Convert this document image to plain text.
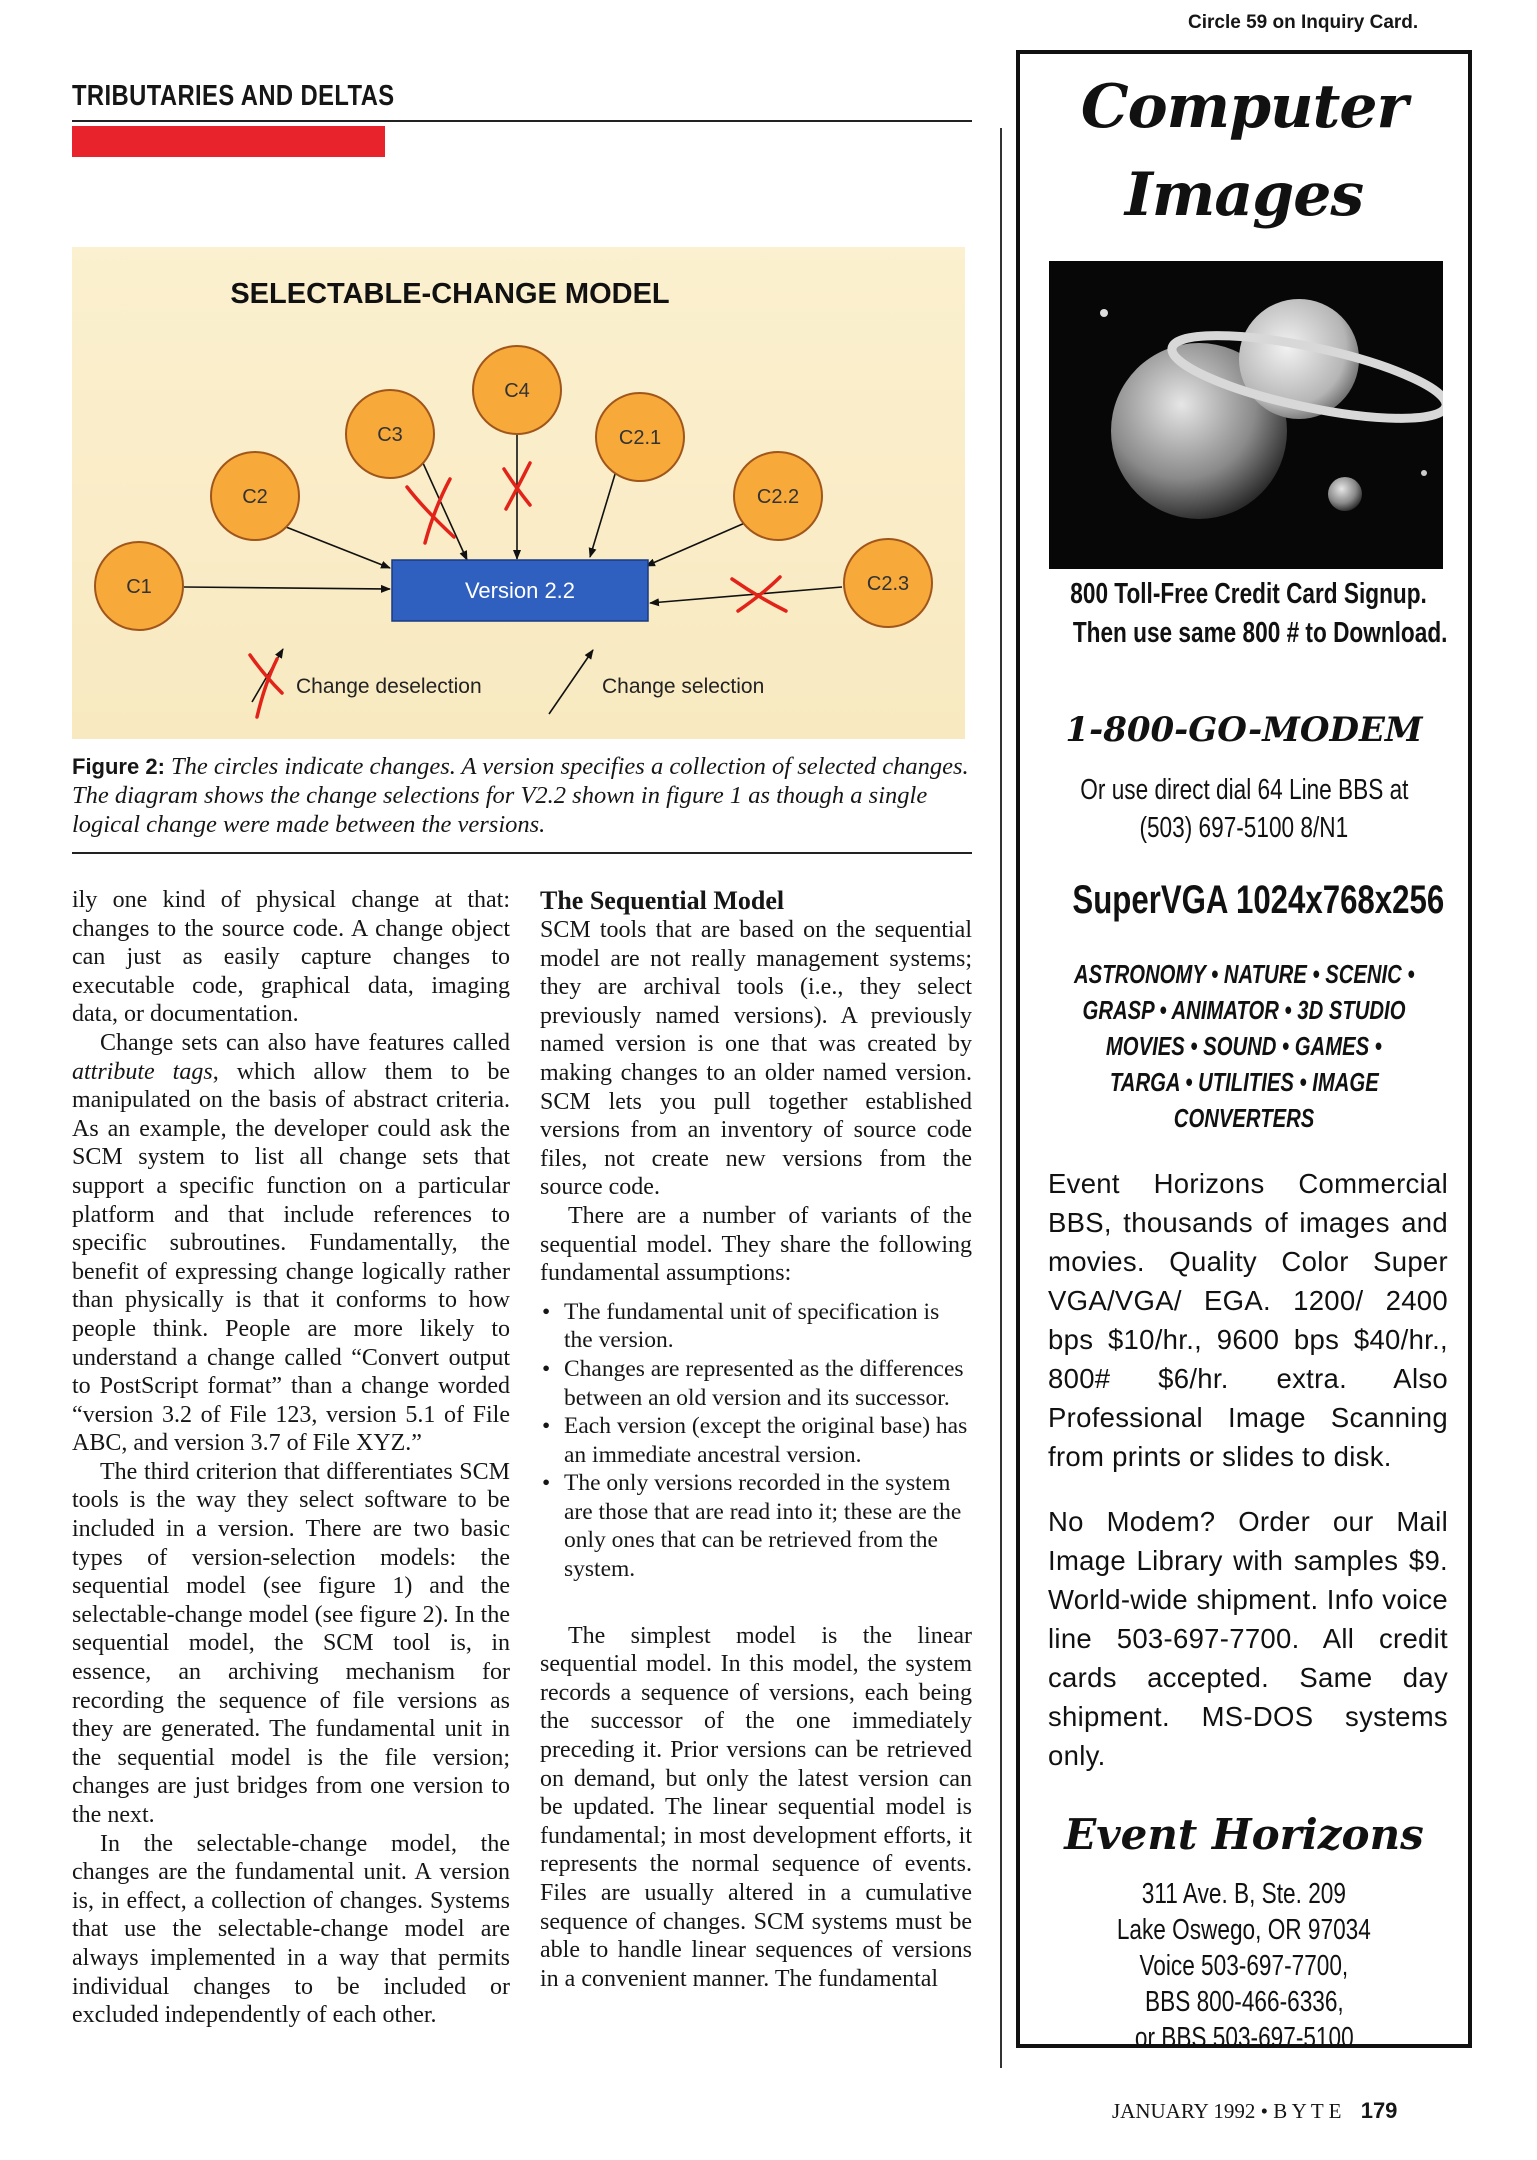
TRIBUTARIES AND DELTAS
SELECTABLE-CHANGE MODEL
Version 2.2
C1
C2
C3
C4
C2.1
C2.2
C2.3
Change deselection	Change selection
Figure 2: The circles indicate changes. A version specifies a collection of selected changes. The diagram shows the change selections for V2.2 shown in figure 1 as though a single logical change were made between the versions.

ily one kind of physical change at that: changes to the source code. A change object can just as easily capture changes to executable code, graphical data, imaging data, or documentation.

Change sets can also have features called attribute tags, which allow them to be manipulated on the basis of abstract criteria. As an example, the developer could ask the SCM system to list all change sets that support a specific function on a particular platform and that include references to specific subroutines. Fundamentally, the benefit of expressing change logically rather than physically is that it conforms to how people think. People are more likely to understand a change called “Convert output to PostScript format” than a change worded “version 3.2 of File 123, version 5.1 of File ABC, and version 3.7 of File XYZ.”

The third criterion that differentiates SCM tools is the way they select software to be included in a version. There are two basic types of version-selection models: the sequential model (see figure 1) and the selectable-change model (see figure 2). In the sequential model, the SCM tool is, in essence, an archiving mechanism for recording the sequence of file versions as they are generated. The fundamental unit in the sequential model is the file version; changes are just bridges from one version to the next.

In the selectable-change model, the changes are the fundamental unit. A version is, in effect, a collection of changes. Systems that use the selectable-change model are always implemented in a way that permits individual changes to be included or excluded independently of each other.

The Sequential Model

SCM tools that are based on the sequential model are not really management systems; they are archival tools (i.e., they select previously named versions). A previously named version is one that was created by making changes to an older named version. SCM lets you pull together established versions from an inventory of source code files, not create new versions from the source code.

There are a number of variants of the sequential model. They share the following fundamental assumptions:

• The fundamental unit of specification is the version.
• Changes are represented as the differences between an old version and its successor.
• Each version (except the original base) has an immediate ancestral version.
• The only versions recorded in the system are those that are read into it; these are the only ones that can be retrieved from the system.

The simplest model is the linear sequential model. In this model, the system records a sequence of versions, each being the successor of the one immediately preceding it. Prior versions can be retrieved on demand, but only the latest version can be updated. The linear sequential model is fundamental; in most development efforts, it represents the normal sequence of events. Files are usually altered in a cumulative sequence of changes. SCM systems must be able to handle linear sequences of versions in a convenient manner. The fundamental

Circle 59 on Inquiry Card.
Computer
Images
800 Toll-Free Credit Card Signup.
Then use same 800 # to Download.
1-800-GO-MODEM
Or use direct dial 64 Line BBS at
(503) 697-5100 8/N1
SuperVGA 1024x768x256
ASTRONOMY • NATURE • SCENIC •
GRASP • ANIMATOR • 3D STUDIO
MOVIES • SOUND • GAMES •
TARGA • UTILITIES • IMAGE
CONVERTERS
Event Horizons Commercial BBS, thousands of images and movies. Quality Color Super VGA/VGA/ EGA. 1200/ 2400 bps $10/hr., 9600 bps $40/hr., 800# $6/hr. extra. Also Professional Image Scanning from prints or slides to disk.
No Modem? Order our Mail Image Library with samples $9. World-wide shipment. Info voice line 503-697-7700. All credit cards accepted. Same day shipment. MS-DOS systems only.
Event Horizons
311 Ave. B, Ste. 209
Lake Oswego, OR 97034
Voice 503-697-7700,
BBS 800-466-6336,
or BBS 503-697-5100
JANUARY 1992 • B Y T E 179
